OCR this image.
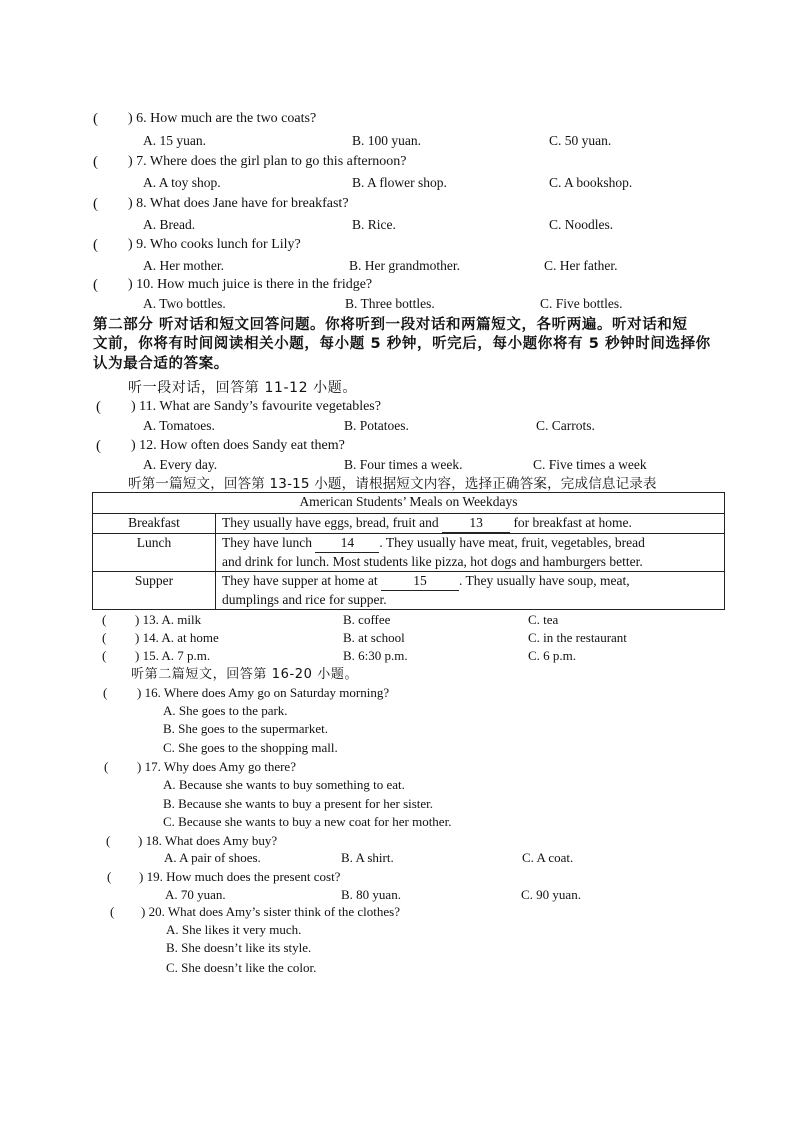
( ) 6. How much are the two coats?
A. 15 yuan.	B. 100 yuan.	C. 50 yuan.
( ) 7. Where does the girl plan to go this afternoon?
A. A toy shop.	B. A flower shop.	C. A bookshop.
( ) 8. What does Jane have for breakfast?
A. Bread.	B. Rice.	C. Noodles.
( ) 9. Who cooks lunch for Lily?
A. Her mother.	B. Her grandmother.	C. Her father.
( ) 10. How much juice is there in the fridge?
A. Two bottles.	B. Three bottles.	C. Five bottles.
第二部分 听对话和短文回答问题。你将听到一段对话和两篇短文，各听两遍。听对话和短
文前，你将有时间阅读相关小题，每小题 5 秒钟，听完后，每小题你将有 5 秒钟时间选择你
认为最合适的答案。
听一段对话，回答第 11-12 小题。
( ) 11. What are Sandy’s favourite vegetables?
A. Tomatoes.	B. Potatoes.	C. Carrots.
( ) 12. How often does Sandy eat them?
A. Every day.	B. Four times a week.	C. Five times a week
听第一篇短文，回答第 13-15 小题，请根据短文内容，选择正确答案，完成信息记录表
American Students’ Meals on Weekdays	
Breakfast	They usually have eggs, bread, fruit and 13 for breakfast at home.
Lunch	They have lunch 14 . They usually have meat, fruit, vegetables, bread
and drink for lunch. Most students like pizza, hot dogs and hamburgers better.
Supper	They have supper at home at 15 . They usually have soup, meat,
dumplings and rice for supper.
( ) 13. A. milk	B. coffee	C. tea
( ) 14. A. at home	B. at school	C. in the restaurant
( ) 15. A. 7 p.m.	B. 6:30 p.m.	C. 6 p.m.
听第二篇短文，回答第 16-20 小题。
( ) 16. Where does Amy go on Saturday morning?
A. She goes to the park.
B. She goes to the supermarket.
C. She goes to the shopping mall.
( ) 17. Why does Amy go there?
A. Because she wants to buy something to eat.
B. Because she wants to buy a present for her sister.
C. Because she wants to buy a new coat for her mother.
( ) 18. What does Amy buy?
A. A pair of shoes.	B. A shirt.	C. A coat.
( ) 19. How much does the present cost?
A. 70 yuan.	B. 80 yuan.	C. 90 yuan.
( ) 20. What does Amy’s sister think of the clothes?
A. She likes it very much.
B. She doesn’t like its style.
C. She doesn’t like the color.
